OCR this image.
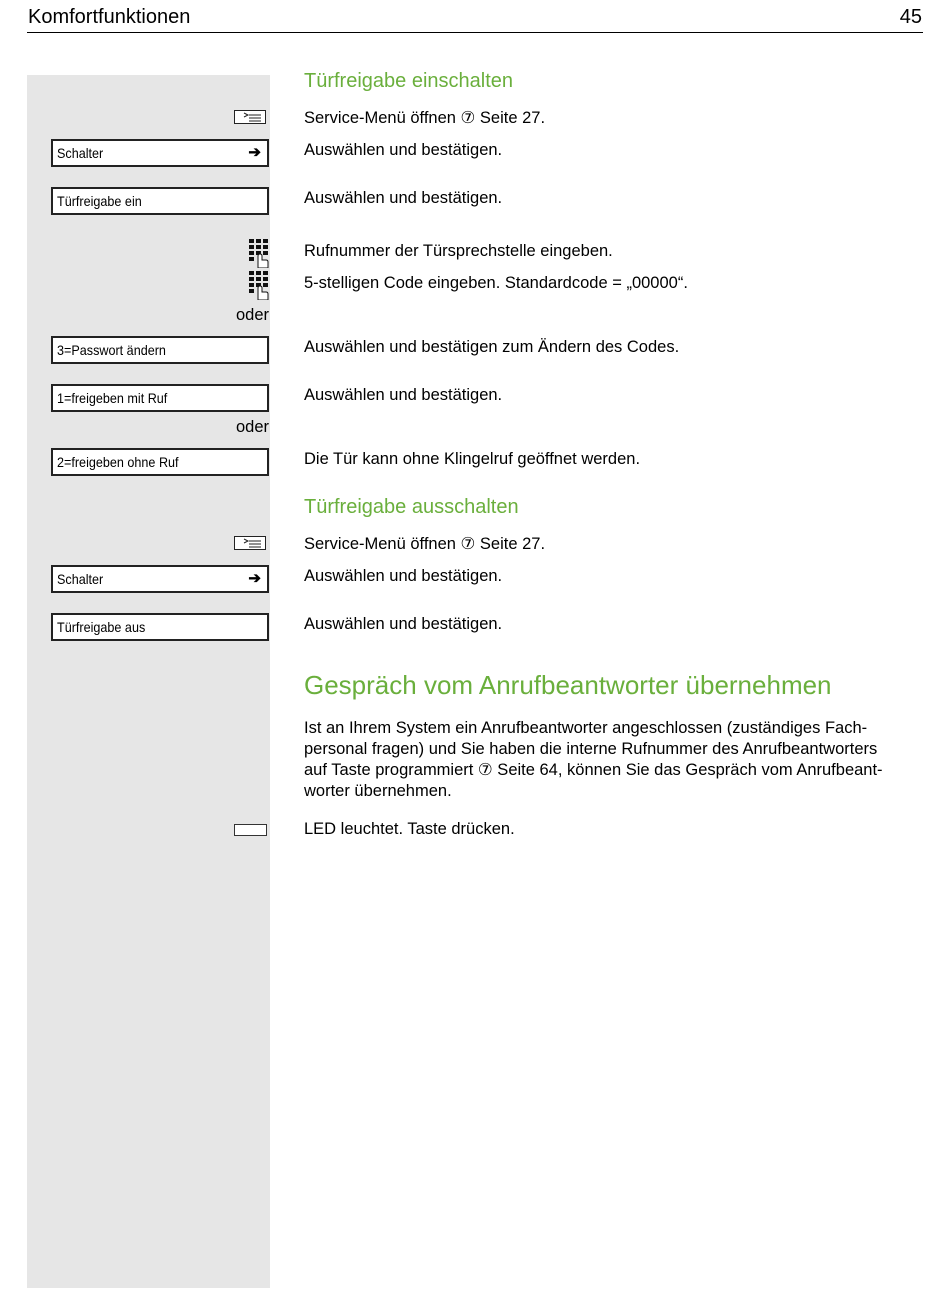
Komfortfunktionen	45
Türfreigabe einschalten
Service-Menü öffnen ⑦ Seite 27.
Schalter	➔	Auswählen und bestätigen.
Türfreigabe ein	Auswählen und bestätigen.
Rufnummer der Türsprechstelle eingeben.
5-stelligen Code eingeben. Standardcode = „00000“.
oder
3=Passwort ändern	Auswählen und bestätigen zum Ändern des Codes.
1=freigeben mit Ruf	Auswählen und bestätigen.
oder
2=freigeben ohne Ruf	Die Tür kann ohne Klingelruf geöffnet werden.
Türfreigabe ausschalten
Service-Menü öffnen ⑦ Seite 27.
Schalter	➔	Auswählen und bestätigen.
Türfreigabe aus	Auswählen und bestätigen.
Gespräch vom Anrufbeantworter übernehmen
Ist an Ihrem System ein Anrufbeantworter angeschlossen (zuständiges Fach-
personal fragen) und Sie haben die interne Rufnummer des Anrufbeantworters
auf Taste programmiert ⑦ Seite 64, können Sie das Gespräch vom Anrufbeant-
worter übernehmen.
LED leuchtet. Taste drücken.
